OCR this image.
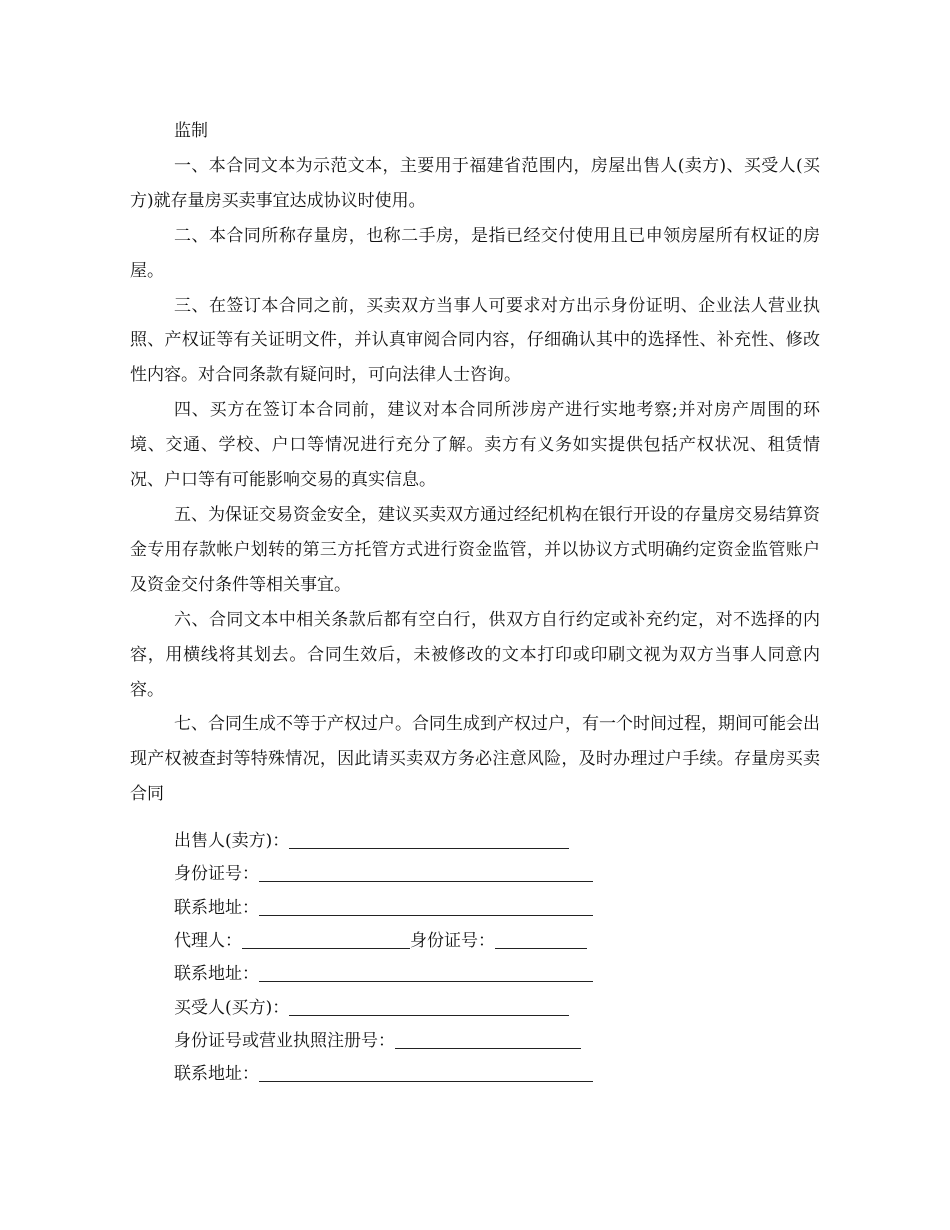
监制

一、本合同文本为示范文本，主要用于福建省范围内，房屋出售人(卖方)、买受人(买方)就存量房买卖事宜达成协议时使用。

二、本合同所称存量房，也称二手房，是指已经交付使用且已申领房屋所有权证的房屋。

三、在签订本合同之前，买卖双方当事人可要求对方出示身份证明、企业法人营业执照、产权证等有关证明文件，并认真审阅合同内容，仔细确认其中的选择性、补充性、修改性内容。对合同条款有疑问时，可向法律人士咨询。

四、买方在签订本合同前，建议对本合同所涉房产进行实地考察;并对房产周围的环境、交通、学校、户口等情况进行充分了解。卖方有义务如实提供包括产权状况、租赁情况、户口等有可能影响交易的真实信息。

五、为保证交易资金安全，建议买卖双方通过经纪机构在银行开设的存量房交易结算资金专用存款帐户划转的第三方托管方式进行资金监管，并以协议方式明确约定资金监管账户及资金交付条件等相关事宜。

六、合同文本中相关条款后都有空白行，供双方自行约定或补充约定，对不选择的内容，用横线将其划去。合同生效后，未被修改的文本打印或印刷文视为双方当事人同意内容。

七、合同生成不等于产权过户。合同生成到产权过户，有一个时间过程，期间可能会出现产权被查封等特殊情况，因此请买卖双方务必注意风险，及时办理过户手续。存量房买卖合同

出售人(卖方)：
身份证号：
联系地址：
代理人：	身份证号：
联系地址：
买受人(买方)：
身份证号或营业执照注册号：
联系地址：
